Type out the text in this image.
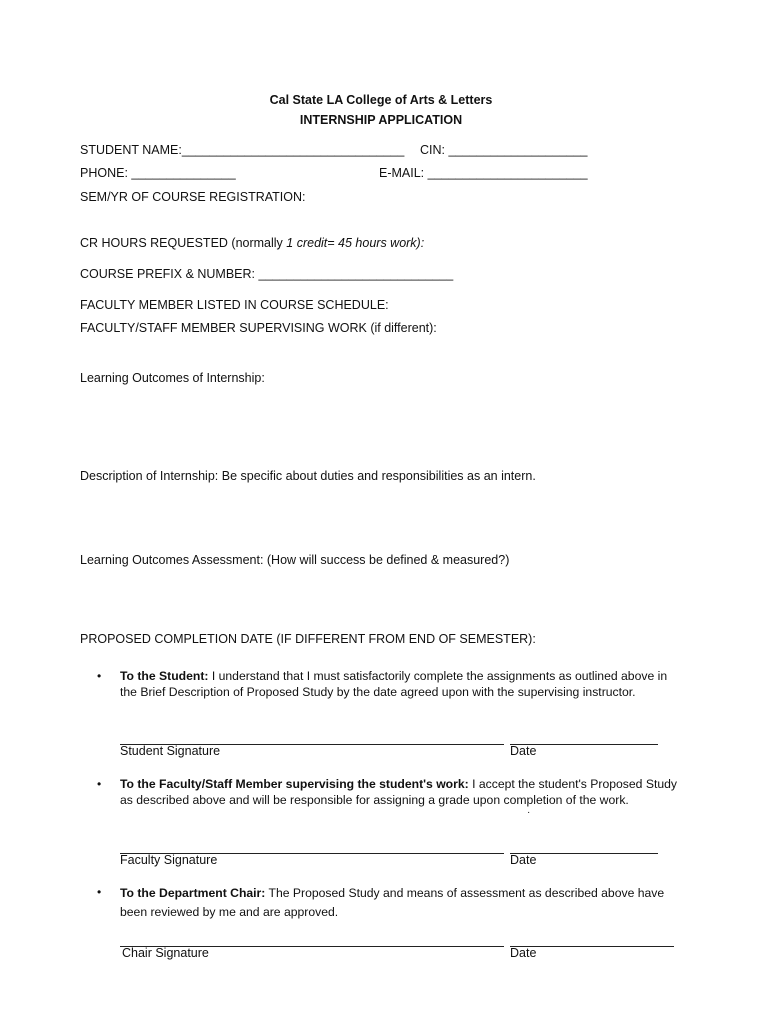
Cal State LA College of Arts & Letters
INTERNSHIP APPLICATION
STUDENT NAME:________________________________ CIN: ____________________
PHONE: _______________	E-MAIL: _______________________
SEM/YR OF COURSE REGISTRATION:
CR HOURS REQUESTED (normally 1 credit= 45 hours work):
COURSE PREFIX & NUMBER: ____________________________
FACULTY MEMBER LISTED IN COURSE SCHEDULE:
FACULTY/STAFF MEMBER SUPERVISING WORK (if different):
Learning Outcomes of Internship:
Description of Internship: Be specific about duties and responsibilities as an intern.
Learning Outcomes Assessment: (How will success be defined & measured?)
PROPOSED COMPLETION DATE (IF DIFFERENT FROM END OF SEMESTER):
• To the Student: I understand that I must satisfactorily complete the assignments as outlined above in the Brief Description of Proposed Study by the date agreed upon with the supervising instructor.
Student Signature	Date
• To the Faculty/Staff Member supervising the student's work: I accept the student's Proposed Study as described above and will be responsible for assigning a grade upon completion of the work.
·
Faculty Signature	Date
• To the Department Chair: The Proposed Study and means of assessment as described above have been reviewed by me and are approved.
Chair Signature	Date
